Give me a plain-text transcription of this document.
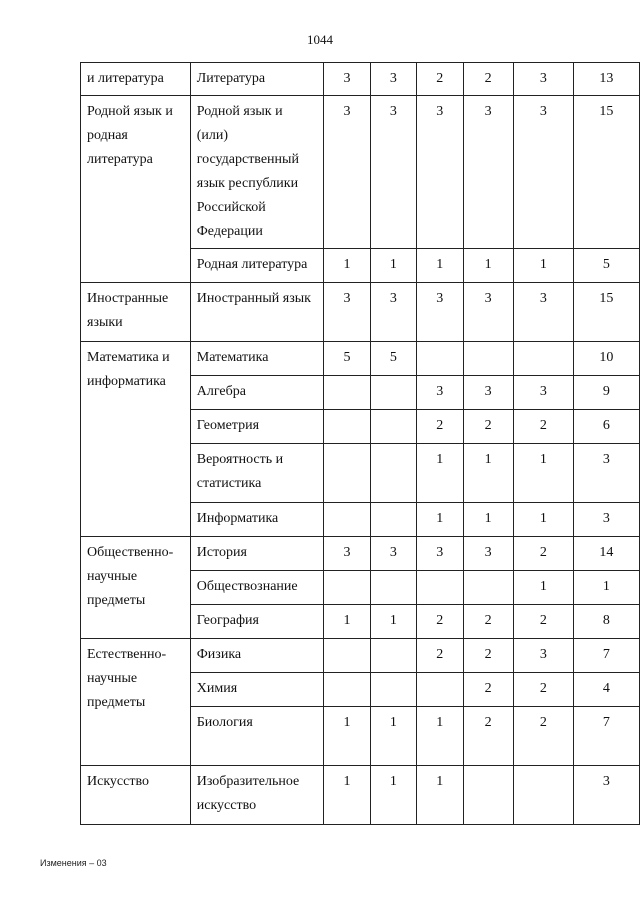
1044
и литература	Литература	3	3	2	2	3	13
Родной язык и родная литература	Родной язык и (или) государственный язык республики Российской Федерации	3	3	3	3	3	15
	Родная литература	1	1	1	1	1	5
Иностранные языки	Иностранный язык	3	3	3	3	3	15
Математика и информатика	Математика	5	5				10
	Алгебра			3	3	3	9
	Геометрия			2	2	2	6
	Вероятность и статистика			1	1	1	3
	Информатика			1	1	1	3
Общественно-научные предметы	История	3	3	3	3	2	14
	Обществознание					1	1
	География	1	1	2	2	2	8
Естественно-научные предметы	Физика			2	2	3	7
	Химия				2	2	4
	Биология	1	1	1	2	2	7
Искусство	Изобразительное искусство	1	1	1			3
Изменения – 03
